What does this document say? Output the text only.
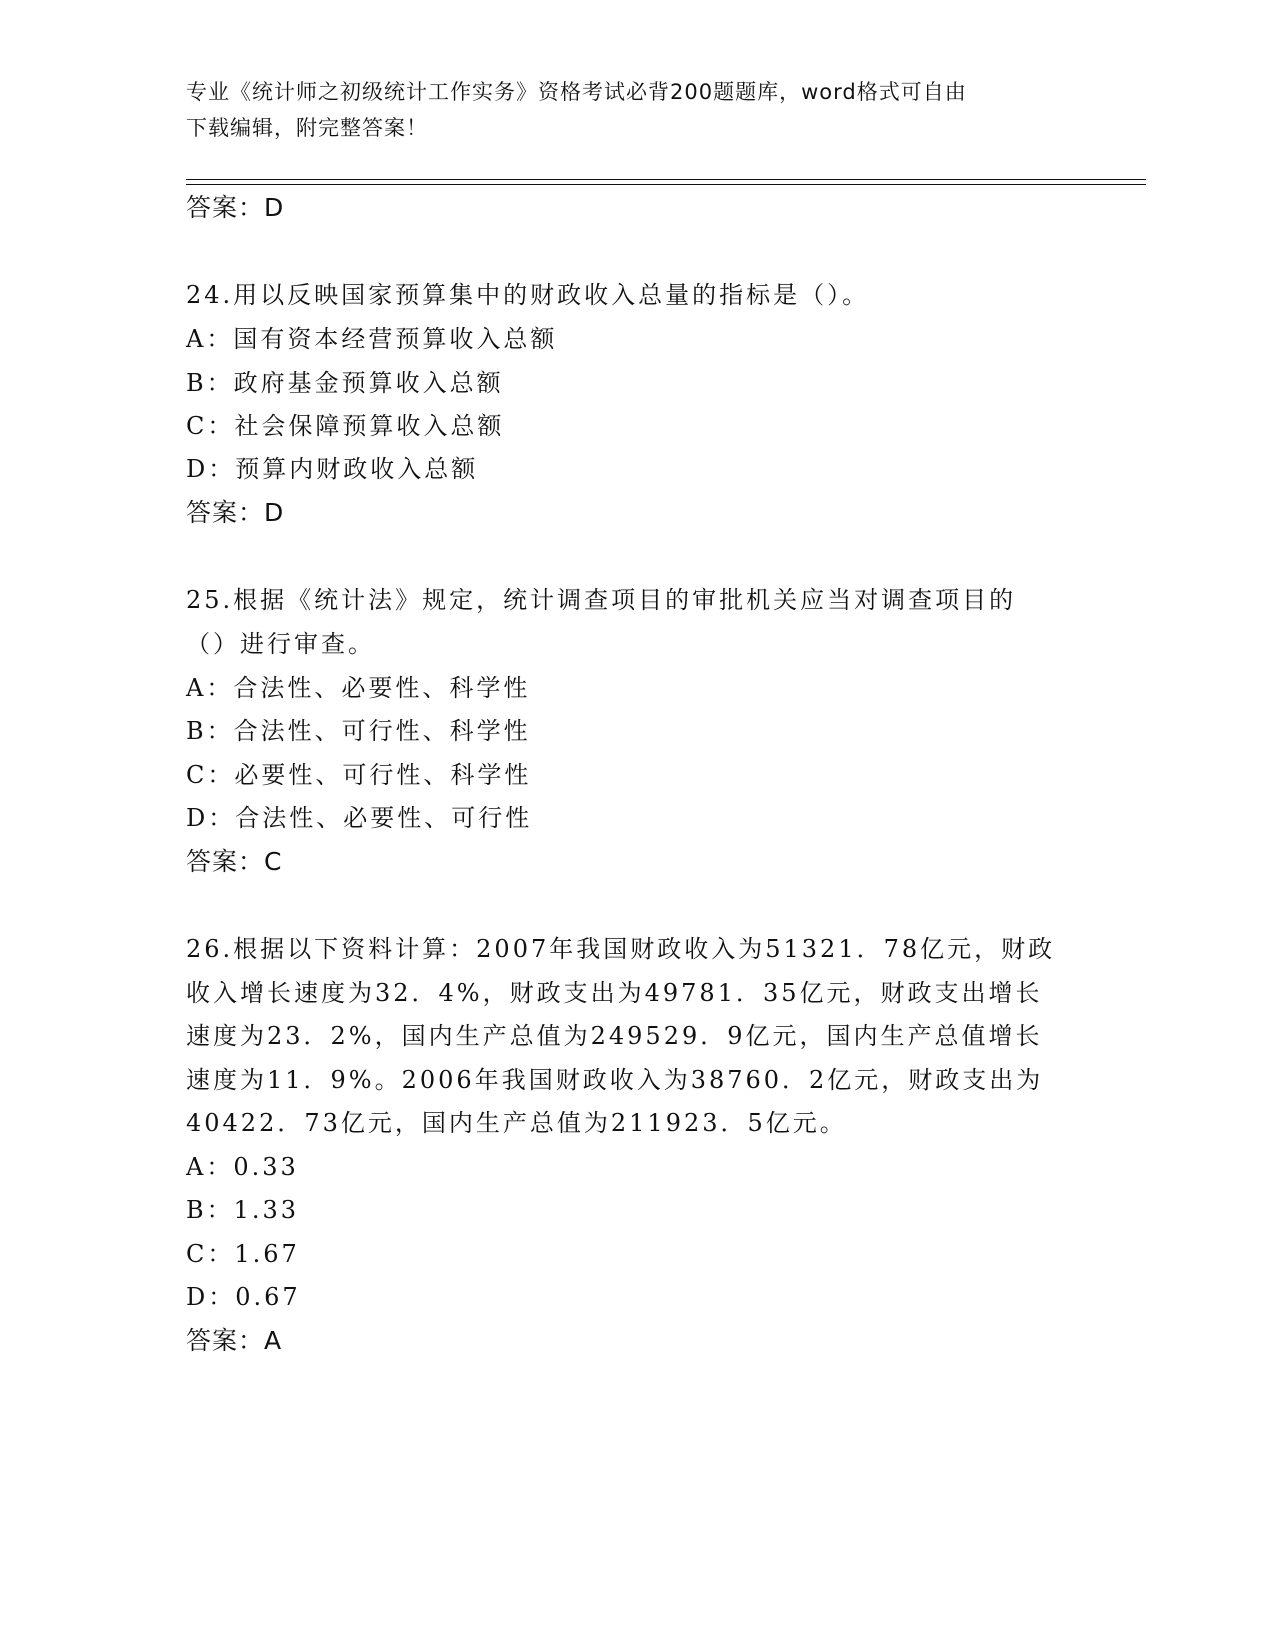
专业《统计师之初级统计工作实务》资格考试必背200题题库，word格式可自由
下载编辑，附完整答案！
答案：D
24.用以反映国家预算集中的财政收入总量的指标是（）。
A：国有资本经营预算收入总额
B：政府基金预算收入总额
C：社会保障预算收入总额
D：预算内财政收入总额
答案：D
25.根据《统计法》规定，统计调查项目的审批机关应当对调查项目的
（）进行审查。
A：合法性、必要性、科学性
B：合法性、可行性、科学性
C：必要性、可行性、科学性
D：合法性、必要性、可行性
答案：C
26.根据以下资料计算：2007年我国财政收入为51321．78亿元，财政
收入增长速度为32．4%，财政支出为49781．35亿元，财政支出增长
速度为23．2%，国内生产总值为249529．9亿元，国内生产总值增长
速度为11．9%。2006年我国财政收入为38760．2亿元，财政支出为
40422．73亿元，国内生产总值为211923．5亿元。
A：0.33
B：1.33
C：1.67
D：0.67
答案：A
